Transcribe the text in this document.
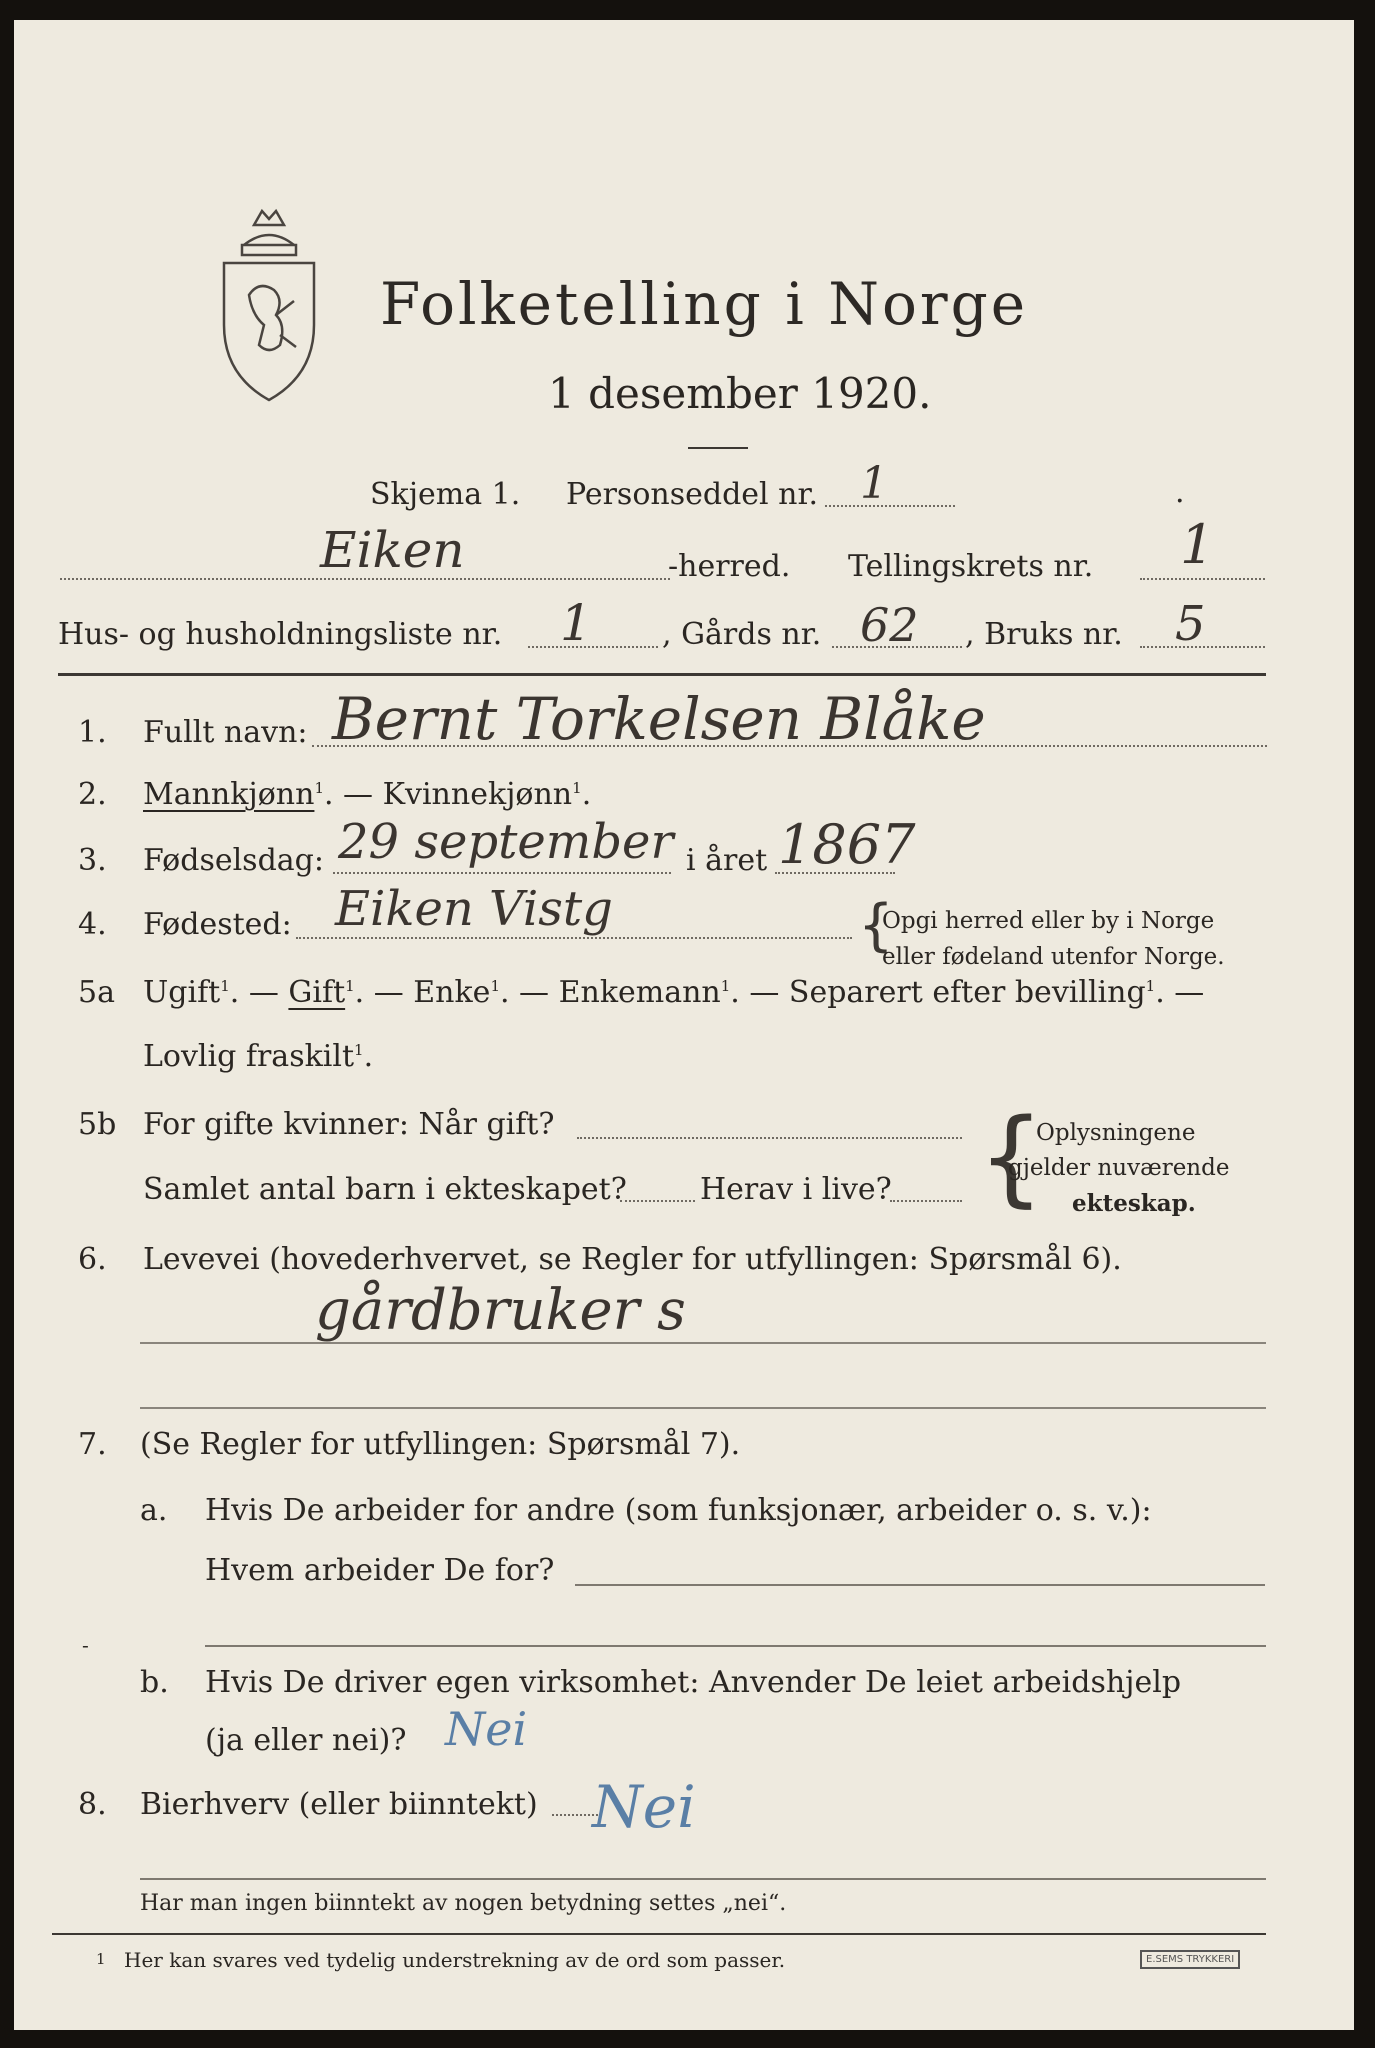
Folketelling i Norge
1 desember 1920.
Skjema 1. Personseddel nr. 1	.
Eiken	-herred. Tellingskrets nr. 1
Hus- og husholdningsliste nr. 1 , Gårds nr. 62 , Bruks nr. 5
1. Fullt navn: Bernt Torkelsen Blåke
2. Mannkjønn$^1$. — Kvinnekjønn$^1$.
3. Fødselsdag: 29 september i året 1867
4. Fødested: Eiken Vistg	{
Opgi herred eller by i Norge
eller fødeland utenfor Norge.
5a Ugift$^1$. — Gift$^1$. — Enke$^1$. — Enkemann$^1$. — Separert efter bevilling$^1$. —
Lovlig fraskilt$^1$.
5b For gifte kvinner: Når gift?
Samlet antal barn i ekteskapet? Herav i live? {
Oplysningene
gjelder nuværende
ekteskap.
6. Levevei (hovederhvervet, se Regler for utfyllingen: Spørsmål 6).
gårdbruker s
7. (Se Regler for utfyllingen: Spørsmål 7).
a. Hvis De arbeider for andre (som funksjonær, arbeider o. s. v.):
Hvem arbeider De for?
-
b. Hvis De driver egen virksomhet: Anvender De leiet arbeidshjelp
(ja eller nei)? Nei
8. Bierhverv (eller biinntekt) Nei
Har man ingen biinntekt av nogen betydning settes „nei“.
1 Her kan svares ved tydelig understrekning av de ord som passer.	E.SEMS TRYKKERI
